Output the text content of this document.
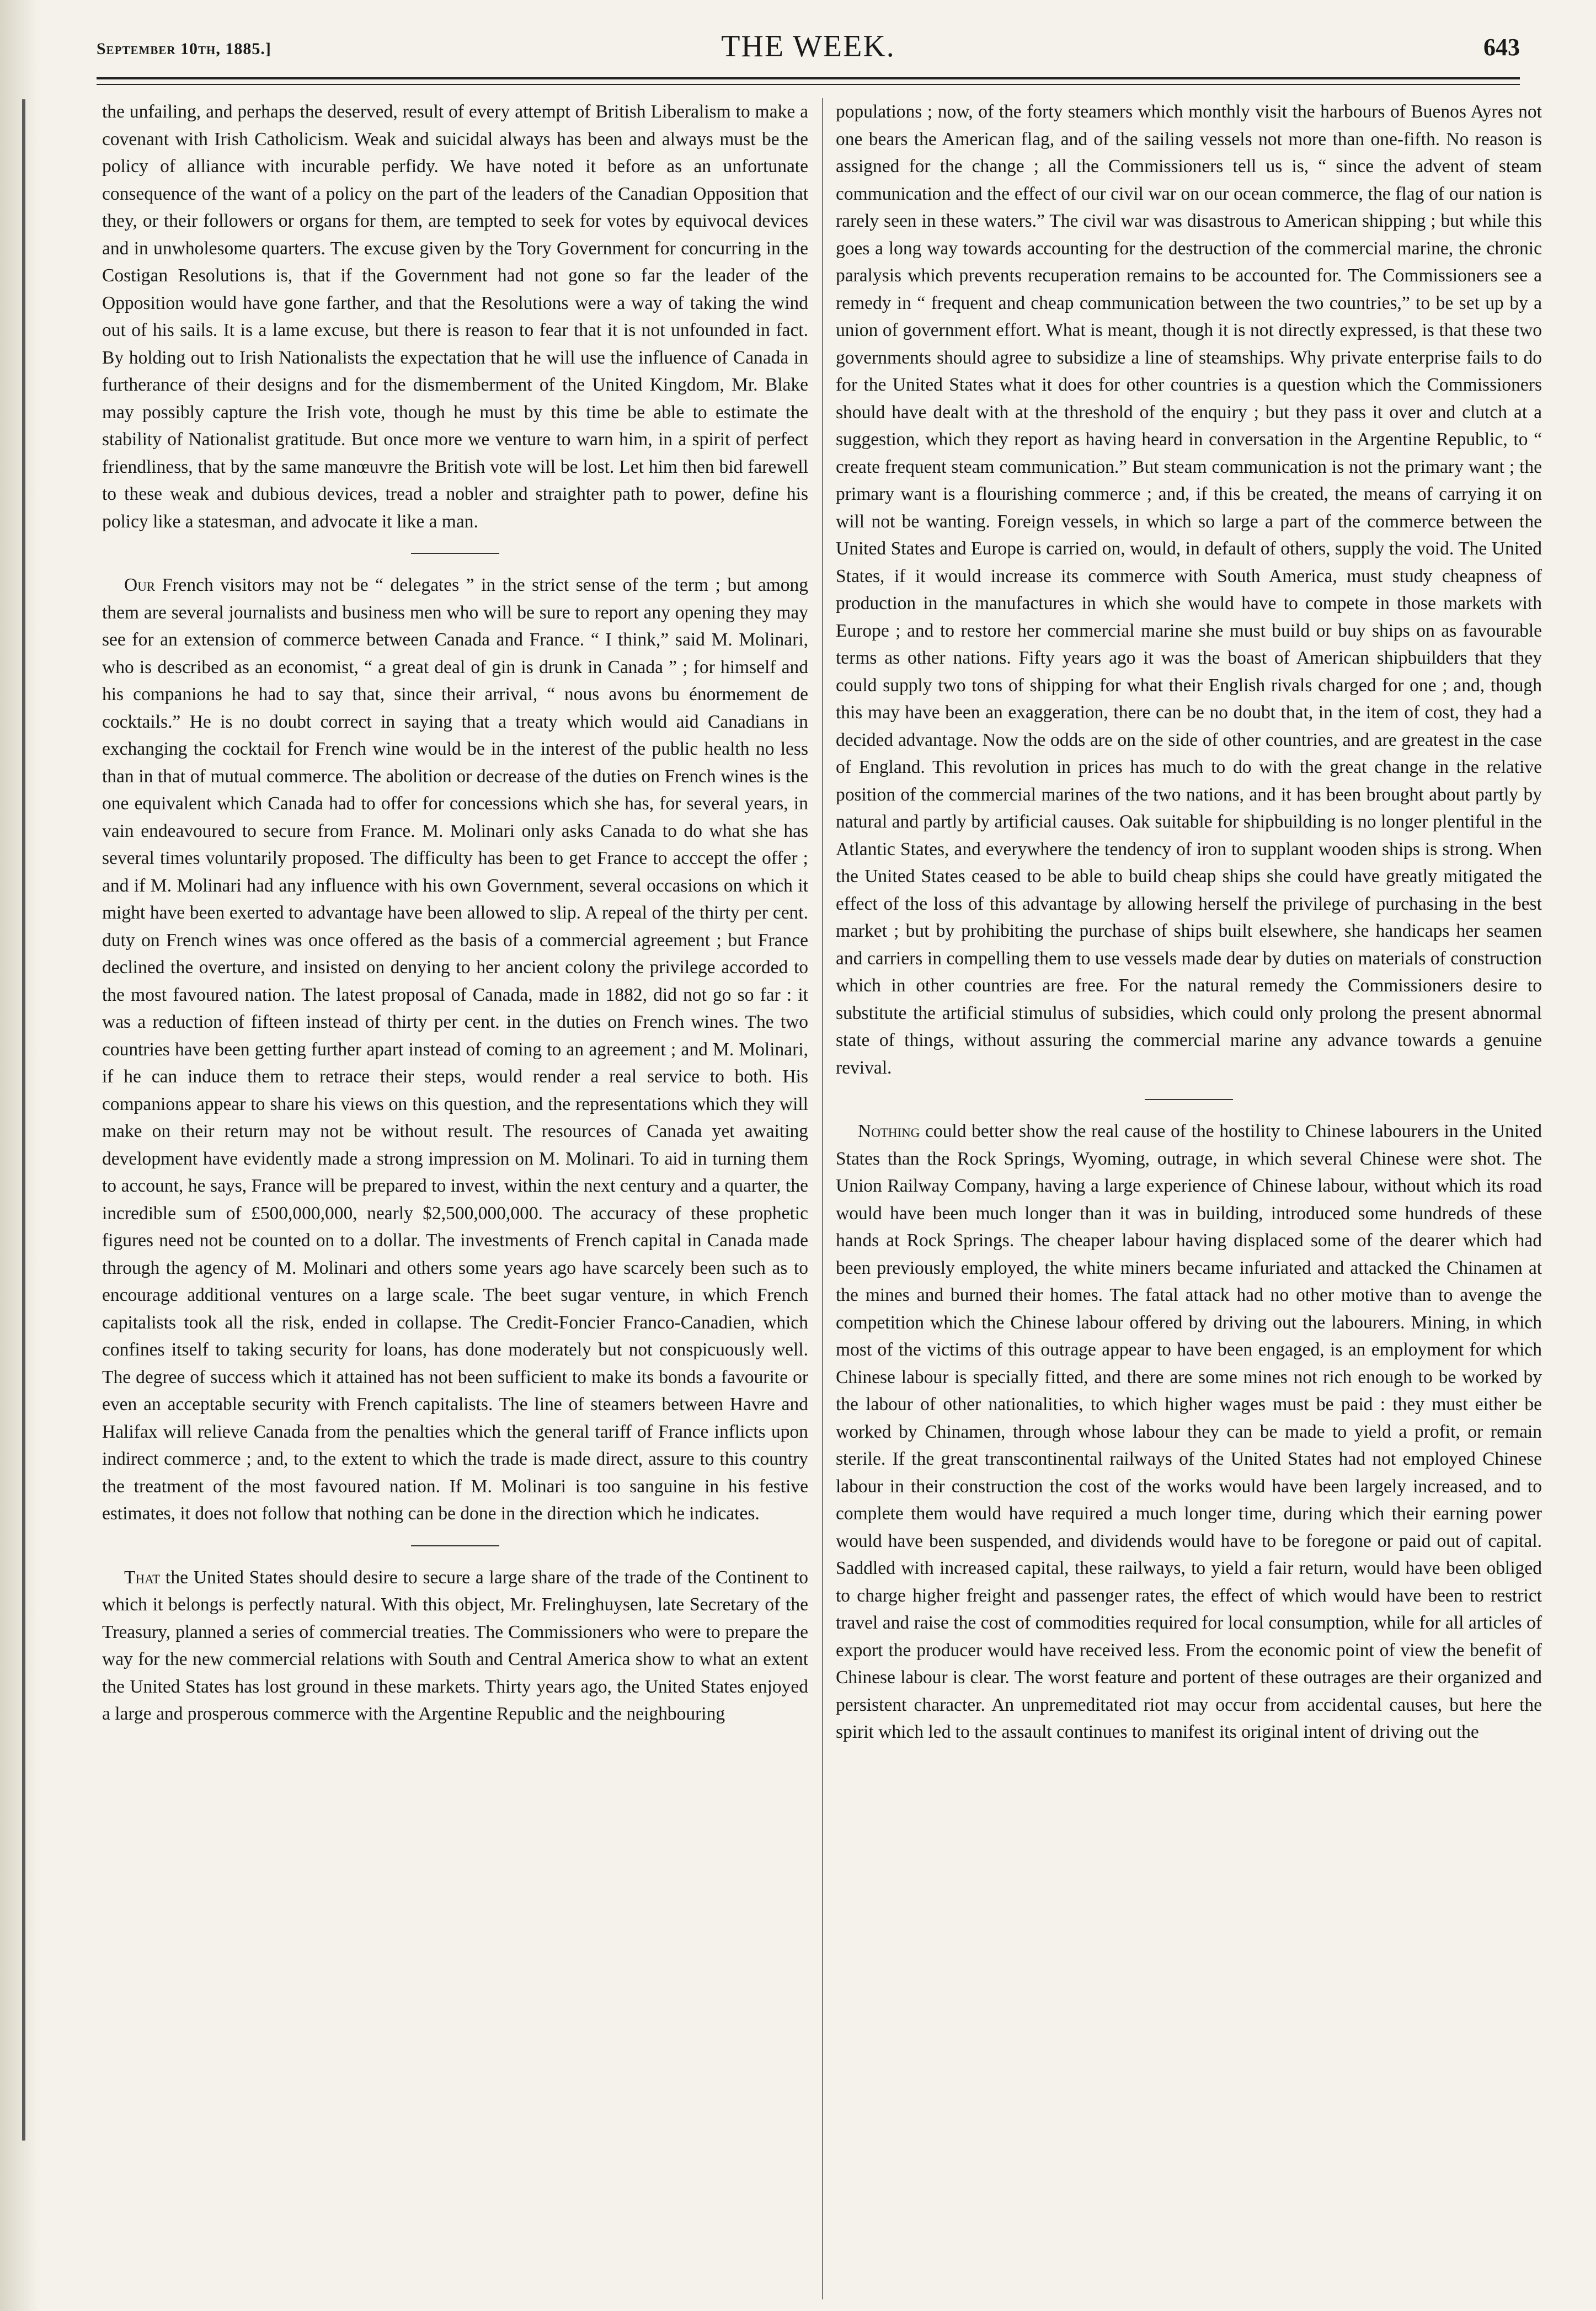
September 10th, 1885.]	THE WEEK.	643

the unfailing, and perhaps the deserved, result of every attempt of British Liberalism to make a covenant with Irish Catholicism. Weak and suicidal always has been and always must be the policy of alliance with incurable perfidy. We have noted it before as an unfortunate consequence of the want of a policy on the part of the leaders of the Canadian Opposition that they, or their followers or organs for them, are tempted to seek for votes by equivocal devices and in unwholesome quarters. The excuse given by the Tory Government for concurring in the Costigan Resolutions is, that if the Government had not gone so far the leader of the Opposition would have gone farther, and that the Resolutions were a way of taking the wind out of his sails. It is a lame excuse, but there is reason to fear that it is not unfounded in fact. By holding out to Irish Nationalists the expectation that he will use the influence of Canada in furtherance of their designs and for the dismemberment of the United Kingdom, Mr. Blake may possibly capture the Irish vote, though he must by this time be able to estimate the stability of Nationalist gratitude. But once more we venture to warn him, in a spirit of perfect friendliness, that by the same manœuvre the British vote will be lost. Let him then bid farewell to these weak and dubious devices, tread a nobler and straighter path to power, define his policy like a statesman, and advocate it like a man.

Our French visitors may not be “ delegates ” in the strict sense of the term ; but among them are several journalists and business men who will be sure to report any opening they may see for an extension of commerce between Canada and France. “ I think,” said M. Molinari, who is described as an economist, “ a great deal of gin is drunk in Canada ” ; for himself and his companions he had to say that, since their arrival, “ nous avons bu énormement de cocktails.” He is no doubt correct in saying that a treaty which would aid Canadians in exchanging the cocktail for French wine would be in the interest of the public health no less than in that of mutual commerce. The abolition or decrease of the duties on French wines is the one equivalent which Canada had to offer for concessions which she has, for several years, in vain endeavoured to secure from France. M. Molinari only asks Canada to do what she has several times voluntarily proposed. The difficulty has been to get France to acccept the offer ; and if M. Molinari had any influence with his own Government, several occasions on which it might have been exerted to advantage have been allowed to slip. A repeal of the thirty per cent. duty on French wines was once offered as the basis of a commercial agreement ; but France declined the overture, and insisted on denying to her ancient colony the privilege accorded to the most favoured nation. The latest proposal of Canada, made in 1882, did not go so far : it was a reduction of fifteen instead of thirty per cent. in the duties on French wines. The two countries have been getting further apart instead of coming to an agreement ; and M. Molinari, if he can induce them to retrace their steps, would render a real service to both. His companions appear to share his views on this question, and the representations which they will make on their return may not be without result. The resources of Canada yet awaiting development have evidently made a strong impression on M. Molinari. To aid in turning them to account, he says, France will be prepared to invest, within the next century and a quarter, the incredible sum of £500,000,000, nearly $2,500,000,000. The accuracy of these prophetic figures need not be counted on to a dollar. The investments of French capital in Canada made through the agency of M. Molinari and others some years ago have scarcely been such as to encourage additional ventures on a large scale. The beet sugar venture, in which French capitalists took all the risk, ended in collapse. The Credit-Foncier Franco-Canadien, which confines itself to taking security for loans, has done moderately but not conspicuously well. The degree of success which it attained has not been sufficient to make its bonds a favourite or even an acceptable security with French capitalists. The line of steamers between Havre and Halifax will relieve Canada from the penalties which the general tariff of France inflicts upon indirect commerce ; and, to the extent to which the trade is made direct, assure to this country the treatment of the most favoured nation. If M. Molinari is too sanguine in his festive estimates, it does not follow that nothing can be done in the direction which he indicates.

That the United States should desire to secure a large share of the trade of the Continent to which it belongs is perfectly natural. With this object, Mr. Frelinghuysen, late Secretary of the Treasury, planned a series of commercial treaties. The Commissioners who were to prepare the way for the new commercial relations with South and Central America show to what an extent the United States has lost ground in these markets. Thirty years ago, the United States enjoyed a large and prosperous commerce with the Argentine Republic and the neighbouring

populations ; now, of the forty steamers which monthly visit the harbours of Buenos Ayres not one bears the American flag, and of the sailing vessels not more than one-fifth. No reason is assigned for the change ; all the Commissioners tell us is, “ since the advent of steam communication and the effect of our civil war on our ocean commerce, the flag of our nation is rarely seen in these waters.” The civil war was disastrous to American shipping ; but while this goes a long way towards accounting for the destruction of the commercial marine, the chronic paralysis which prevents recuperation remains to be accounted for. The Commissioners see a remedy in “ frequent and cheap communication between the two countries,” to be set up by a union of government effort. What is meant, though it is not directly expressed, is that these two governments should agree to subsidize a line of steamships. Why private enterprise fails to do for the United States what it does for other countries is a question which the Commissioners should have dealt with at the threshold of the enquiry ; but they pass it over and clutch at a suggestion, which they report as having heard in conversation in the Argentine Republic, to “ create frequent steam communication.” But steam communication is not the primary want ; the primary want is a flourishing commerce ; and, if this be created, the means of carrying it on will not be wanting. Foreign vessels, in which so large a part of the commerce between the United States and Europe is carried on, would, in default of others, supply the void. The United States, if it would increase its commerce with South America, must study cheapness of production in the manufactures in which she would have to compete in those markets with Europe ; and to restore her commercial marine she must build or buy ships on as favourable terms as other nations. Fifty years ago it was the boast of American shipbuilders that they could supply two tons of shipping for what their English rivals charged for one ; and, though this may have been an exaggeration, there can be no doubt that, in the item of cost, they had a decided advantage. Now the odds are on the side of other countries, and are greatest in the case of England. This revolution in prices has much to do with the great change in the relative position of the commercial marines of the two nations, and it has been brought about partly by natural and partly by artificial causes. Oak suitable for shipbuilding is no longer plentiful in the Atlantic States, and everywhere the tendency of iron to supplant wooden ships is strong. When the United States ceased to be able to build cheap ships she could have greatly mitigated the effect of the loss of this advantage by allowing herself the privilege of purchasing in the best market ; but by prohibiting the purchase of ships built elsewhere, she handicaps her seamen and carriers in compelling them to use vessels made dear by duties on materials of construction which in other countries are free. For the natural remedy the Commissioners desire to substitute the artificial stimulus of subsidies, which could only prolong the present abnormal state of things, without assuring the commercial marine any advance towards a genuine revival.

Nothing could better show the real cause of the hostility to Chinese labourers in the United States than the Rock Springs, Wyoming, outrage, in which several Chinese were shot. The Union Railway Company, having a large experience of Chinese labour, without which its road would have been much longer than it was in building, introduced some hundreds of these hands at Rock Springs. The cheaper labour having displaced some of the dearer which had been previously employed, the white miners became infuriated and attacked the Chinamen at the mines and burned their homes. The fatal attack had no other motive than to avenge the competition which the Chinese labour offered by driving out the labourers. Mining, in which most of the victims of this outrage appear to have been engaged, is an employment for which Chinese labour is specially fitted, and there are some mines not rich enough to be worked by the labour of other nationalities, to which higher wages must be paid : they must either be worked by Chinamen, through whose labour they can be made to yield a profit, or remain sterile. If the great transcontinental railways of the United States had not employed Chinese labour in their construction the cost of the works would have been largely increased, and to complete them would have required a much longer time, during which their earning power would have been suspended, and dividends would have to be foregone or paid out of capital. Saddled with increased capital, these railways, to yield a fair return, would have been obliged to charge higher freight and passenger rates, the effect of which would have been to restrict travel and raise the cost of commodities required for local consumption, while for all articles of export the producer would have received less. From the economic point of view the benefit of Chinese labour is clear. The worst feature and portent of these outrages are their organized and persistent character. An unpremeditated riot may occur from accidental causes, but here the spirit which led to the assault continues to manifest its original intent of driving out the
